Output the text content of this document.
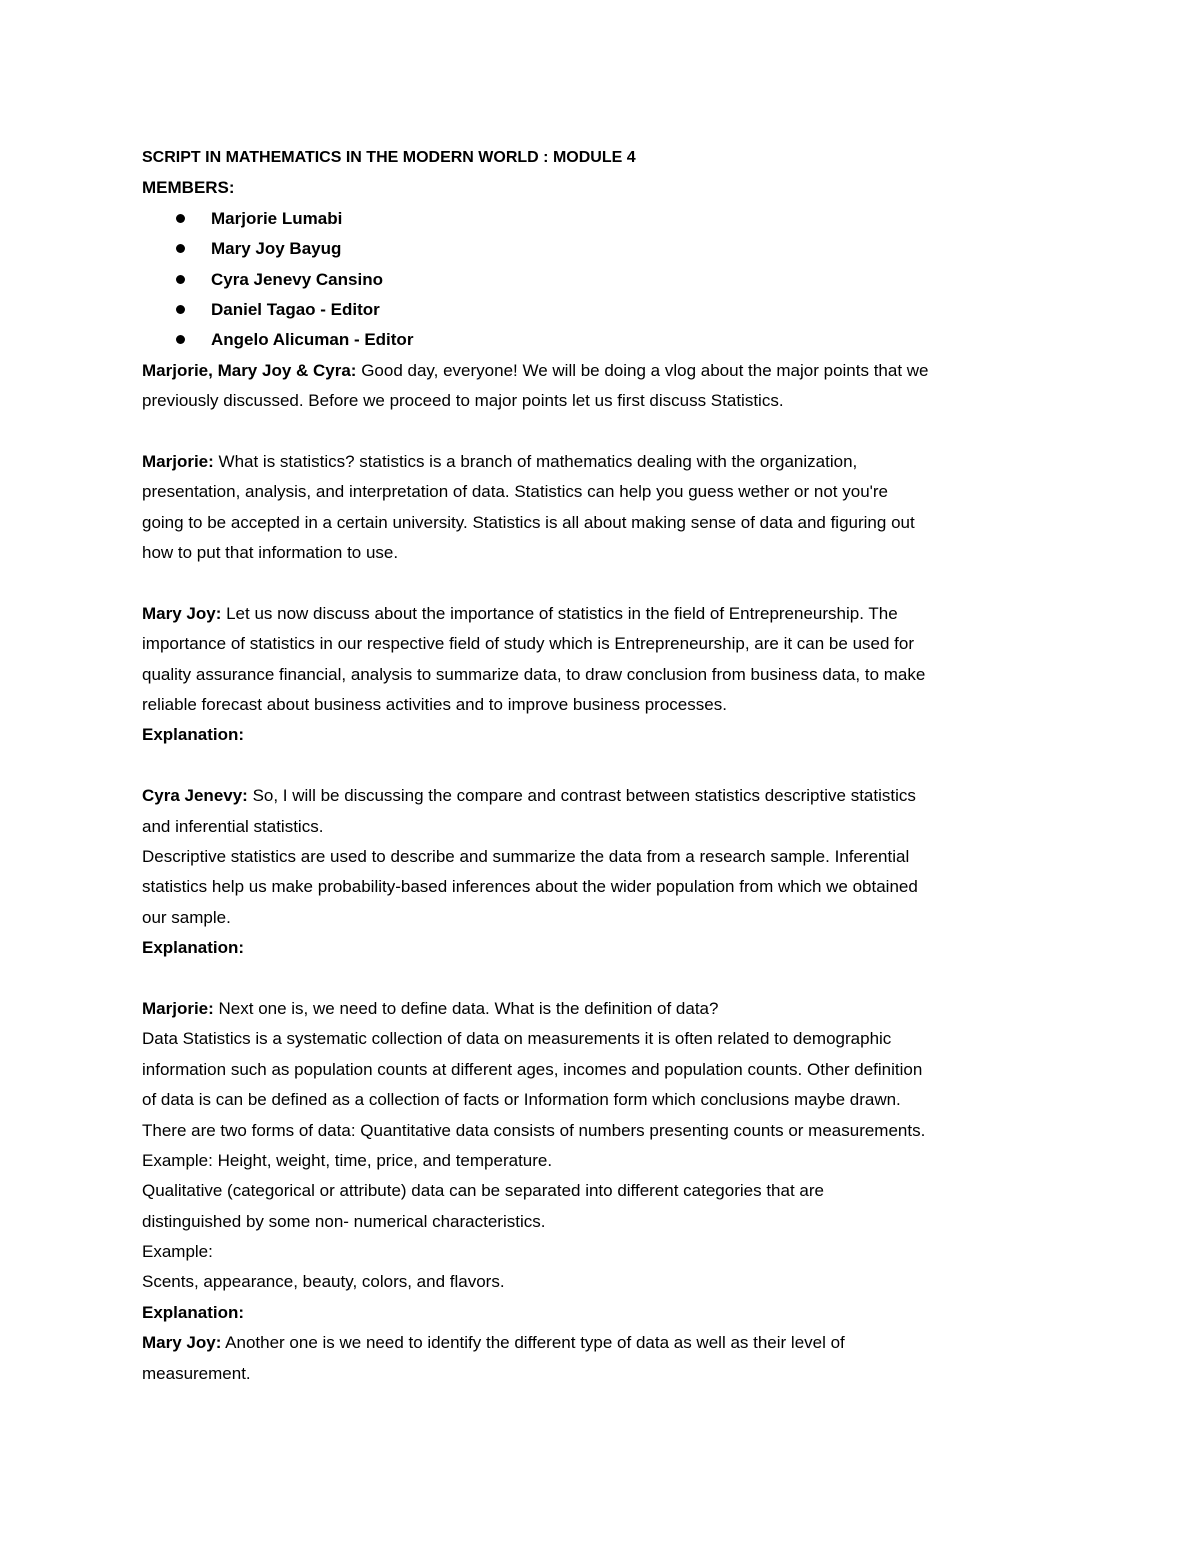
SCRIPT IN MATHEMATICS IN THE MODERN WORLD : MODULE 4
MEMBERS:
Marjorie Lumabi
Mary Joy Bayug
Cyra Jenevy Cansino
Daniel Tagao - Editor
Angelo Alicuman - Editor
Marjorie, Mary Joy & Cyra: Good day, everyone! We will be doing a vlog about the major points that we
previously discussed. Before we proceed to major points let us first discuss Statistics.
Marjorie: What is statistics? statistics is a branch of mathematics dealing with the organization,
presentation, analysis, and interpretation of data. Statistics can help you guess wether or not you're
going to be accepted in a certain university. Statistics is all about making sense of data and figuring out
how to put that information to use.
Mary Joy: Let us now discuss about the importance of statistics in the field of Entrepreneurship. The
importance of statistics in our respective field of study which is Entrepreneurship, are it can be used for
quality assurance financial, analysis to summarize data, to draw conclusion from business data, to make
reliable forecast about business activities and to improve business processes.
Explanation:
Cyra Jenevy: So, I will be discussing the compare and contrast between statistics descriptive statistics
and inferential statistics.
Descriptive statistics are used to describe and summarize the data from a research sample. Inferential
statistics help us make probability-based inferences about the wider population from which we obtained
our sample.
Explanation:
Marjorie: Next one is, we need to define data. What is the definition of data?
Data Statistics is a systematic collection of data on measurements it is often related to demographic
information such as population counts at different ages, incomes and population counts. Other definition
of data is can be defined as a collection of facts or Information form which conclusions maybe drawn.
There are two forms of data: Quantitative data consists of numbers presenting counts or measurements.
Example: Height, weight, time, price, and temperature.
Qualitative (categorical or attribute) data can be separated into different categories that are
distinguished by some non- numerical characteristics.
Example:
Scents, appearance, beauty, colors, and flavors.
Explanation:
Mary Joy: Another one is we need to identify the different type of data as well as their level of
measurement.
